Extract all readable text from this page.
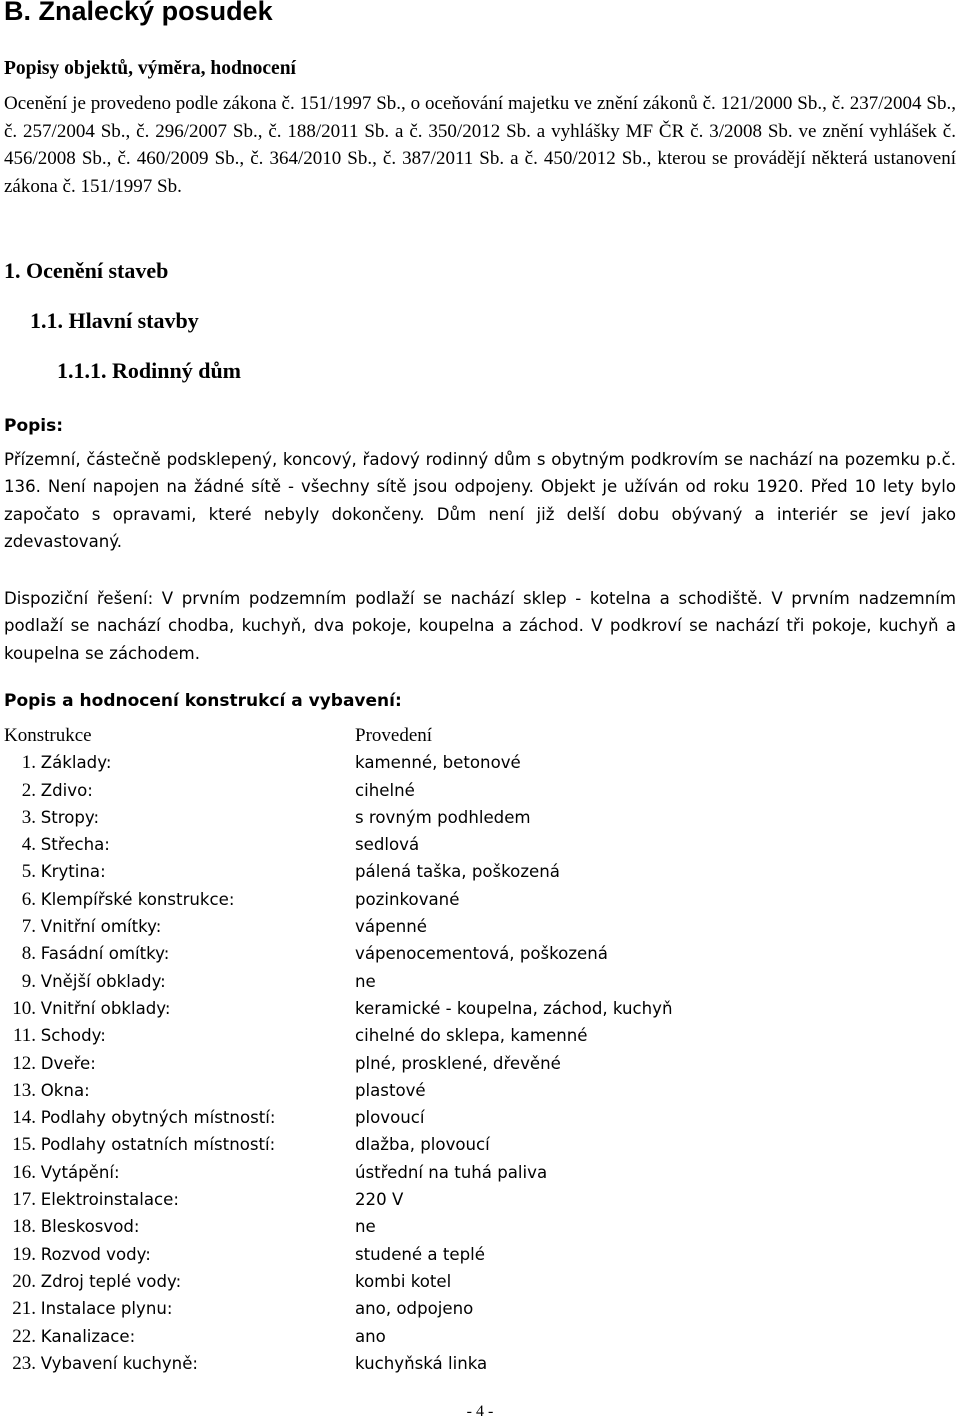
B. Znalecký posudek

Popisy objektů, výměra, hodnocení

Ocenění je provedeno podle zákona č. 151/1997 Sb., o oceňování majetku ve znění zákonů č. 121/2000 Sb., č. 237/2004 Sb., č. 257/2004 Sb., č. 296/2007 Sb., č. 188/2011 Sb. a č. 350/2012 Sb. a vyhlášky MF ČR č. 3/2008 Sb. ve znění vyhlášek č. 456/2008 Sb., č. 460/2009 Sb., č. 364/2010 Sb., č. 387/2011 Sb. a č. 450/2012 Sb., kterou se provádějí některá ustanovení zákona č. 151/1997 Sb.

1. Ocenění staveb

1.1. Hlavní stavby

1.1.1. Rodinný dům

Popis:

Přízemní, částečně podsklepený, koncový, řadový rodinný dům s obytným podkrovím se nachází na pozemku p.č. 136. Není napojen na žádné sítě - všechny sítě jsou odpojeny. Objekt je užíván od roku 1920. Před 10 lety bylo započato s opravami, které nebyly dokončeny. Dům není již delší dobu obývaný a interiér se jeví jako zdevastovaný.

Dispoziční řešení: V prvním podzemním podlaží se nachází sklep - kotelna a schodiště. V prvním nadzemním podlaží se nachází chodba, kuchyň, dva pokoje, koupelna a záchod. V podkroví se nachází tři pokoje, kuchyň a koupelna se záchodem.

Popis a hodnocení konstrukcí a vybavení:

Konstrukce	Provedení
1. Základy:	kamenné, betonové
2. Zdivo:	cihelné
3. Stropy:	s rovným podhledem
4. Střecha:	sedlová
5. Krytina:	pálená taška, poškozená
6. Klempířské konstrukce:	pozinkované
7. Vnitřní omítky:	vápenné
8. Fasádní omítky:	vápenocementová, poškozená
9. Vnější obklady:	ne
10. Vnitřní obklady:	keramické - koupelna, záchod, kuchyň
11. Schody:	cihelné do sklepa, kamenné
12. Dveře:	plné, prosklené, dřevěné
13. Okna:	plastové
14. Podlahy obytných místností:	plovoucí
15. Podlahy ostatních místností:	dlažba, plovoucí
16. Vytápění:	ústřední na tuhá paliva
17. Elektroinstalace:	220 V
18. Bleskosvod:	ne
19. Rozvod vody:	studené a teplé
20. Zdroj teplé vody:	kombi kotel
21. Instalace plynu:	ano, odpojeno
22. Kanalizace:	ano
23. Vybavení kuchyně:	kuchyňská linka
- 4 -
